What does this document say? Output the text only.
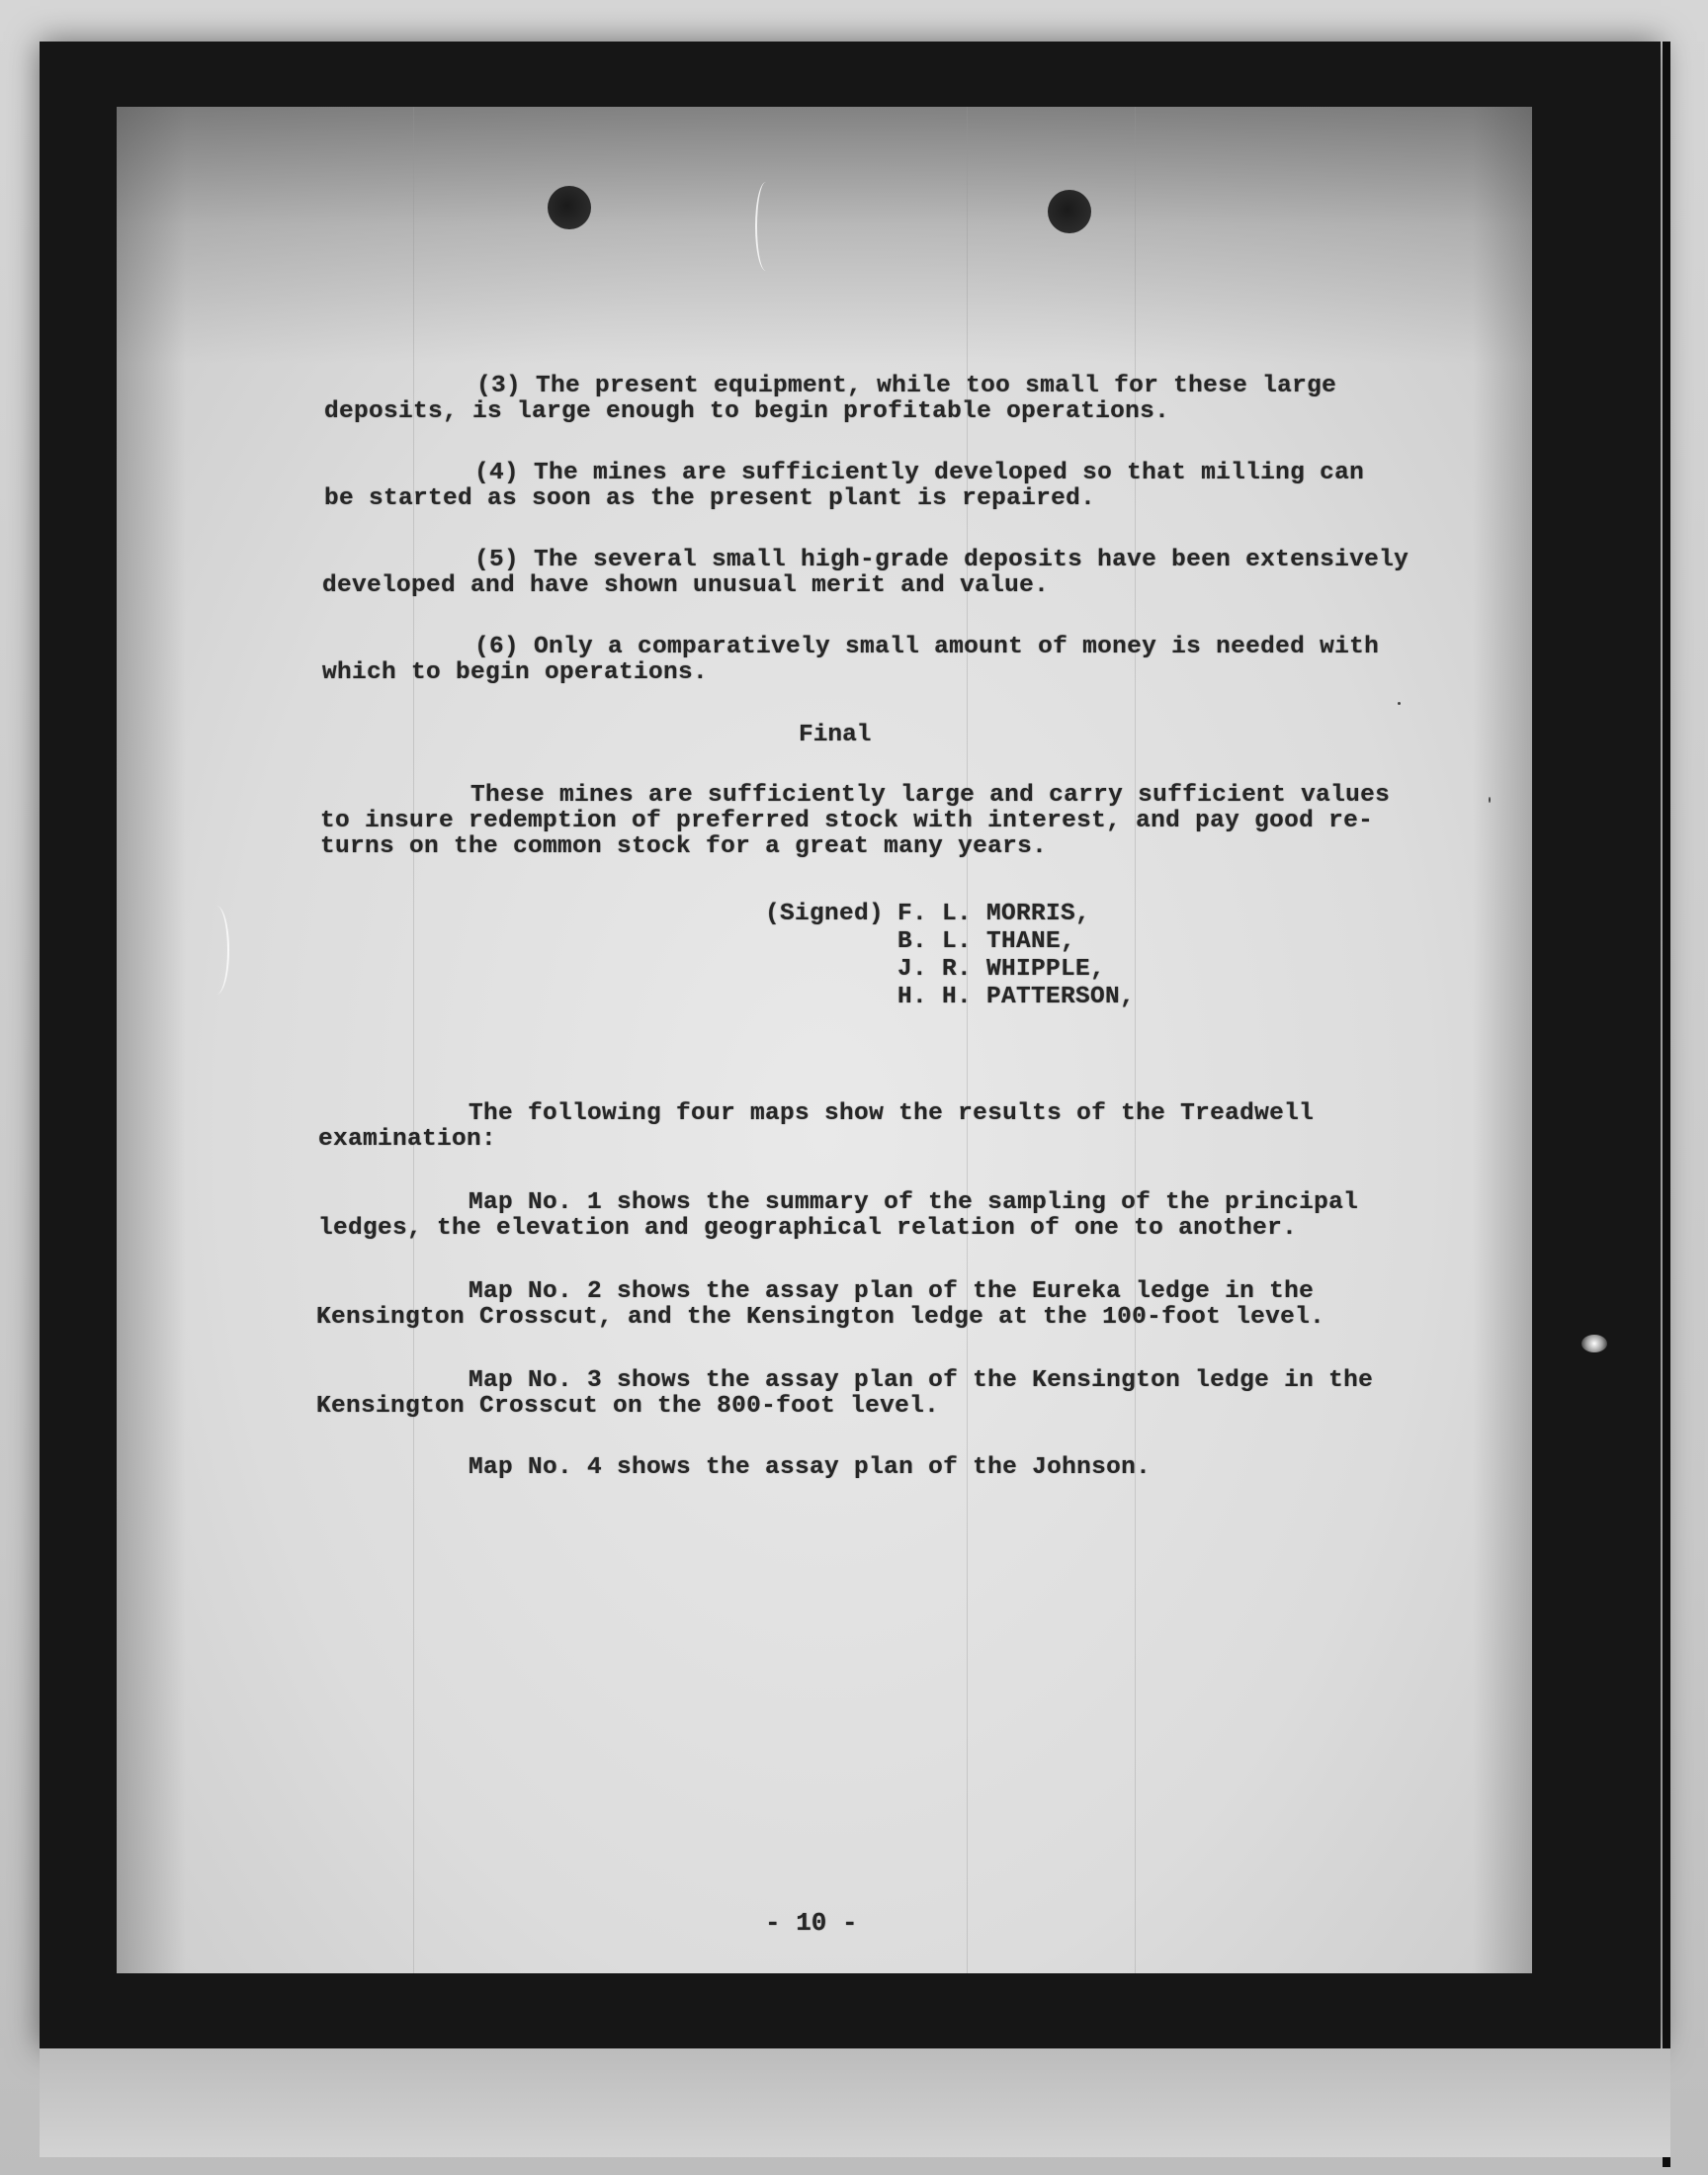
(3) The present equipment, while too small for these large
deposits, is large enough to begin profitable operations.
(4) The mines are sufficiently developed so that milling can
be started as soon as the present plant is repaired.
(5) The several small high-grade deposits have been extensively
developed and have shown unusual merit and value.
(6) Only a comparatively small amount of money is needed with
which to begin operations.
Final
These mines are sufficiently large and carry sufficient values
to insure redemption of preferred stock with interest, and pay good re-
turns on the common stock for a great many years.
(Signed) F. L. MORRIS,
B. L. THANE,
J. R. WHIPPLE,
H. H. PATTERSON,
The following four maps show the results of the Treadwell
examination:
Map No. 1 shows the summary of the sampling of the principal
ledges, the elevation and geographical relation of one to another.
Map No. 2 shows the assay plan of the Eureka ledge in the
Kensington Crosscut, and the Kensington ledge at the 100-foot level.
Map No. 3 shows the assay plan of the Kensington ledge in the
Kensington Crosscut on the 800-foot level.
Map No. 4 shows the assay plan of the Johnson.
- 10 -
